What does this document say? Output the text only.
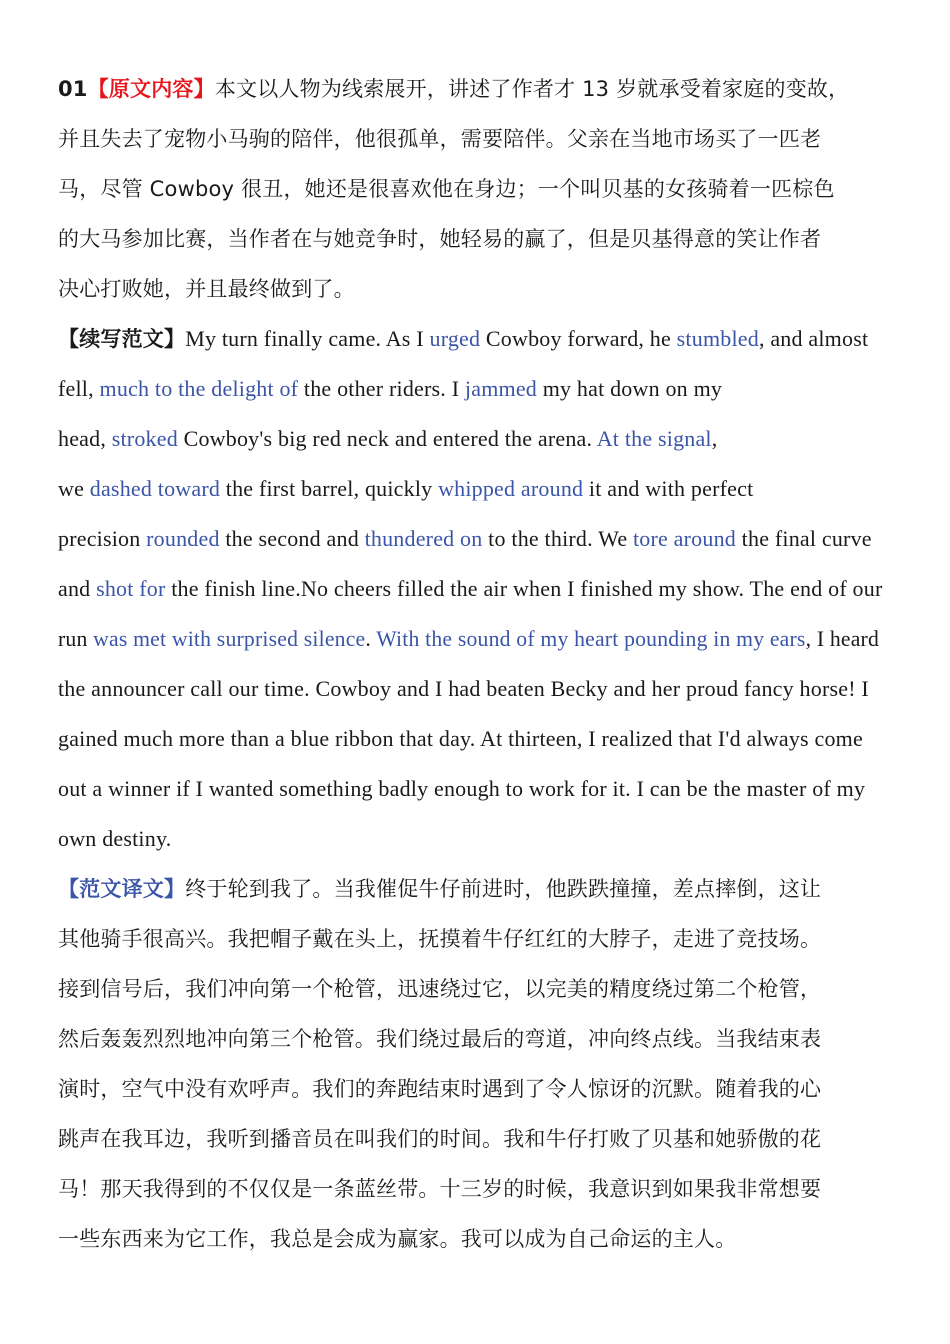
01【原文内容】本文以人物为线索展开，讲述了作者才 13 岁就承受着家庭的变故，
并且失去了宠物小马驹的陪伴，他很孤单，需要陪伴。父亲在当地市场买了一匹老
马，尽管 Cowboy 很丑，她还是很喜欢他在身边；一个叫贝基的女孩骑着一匹棕色
的大马参加比赛，当作者在与她竞争时，她轻易的赢了，但是贝基得意的笑让作者
决心打败她，并且最终做到了。
【续写范文】My turn finally came. As I urged Cowboy forward, he stumbled, and almost
fell, much to the delight of the other riders. I jammed my hat down on my
head, stroked Cowboy's big red neck and entered the arena. At the signal,
we dashed toward the first barrel, quickly whipped around it and with perfect
precision rounded the second and thundered on to the third. We tore around the final curve
and shot for the finish line.No cheers filled the air when I finished my show. The end of our
run was met with surprised silence. With the sound of my heart pounding in my ears, I heard
the announcer call our time. Cowboy and I had beaten Becky and her proud fancy horse! I
gained much more than a blue ribbon that day. At thirteen, I realized that I'd always come
out a winner if I wanted something badly enough to work for it. I can be the master of my
own destiny.
【范文译文】终于轮到我了。当我催促牛仔前进时，他跌跌撞撞，差点摔倒，这让
其他骑手很高兴。我把帽子戴在头上，抚摸着牛仔红红的大脖子，走进了竞技场。
接到信号后，我们冲向第一个枪管，迅速绕过它，以完美的精度绕过第二个枪管，
然后轰轰烈烈地冲向第三个枪管。我们绕过最后的弯道，冲向终点线。当我结束表
演时，空气中没有欢呼声。我们的奔跑结束时遇到了令人惊讶的沉默。随着我的心
跳声在我耳边，我听到播音员在叫我们的时间。我和牛仔打败了贝基和她骄傲的花
马！那天我得到的不仅仅是一条蓝丝带。十三岁的时候，我意识到如果我非常想要
一些东西来为它工作，我总是会成为赢家。我可以成为自己命运的主人。
